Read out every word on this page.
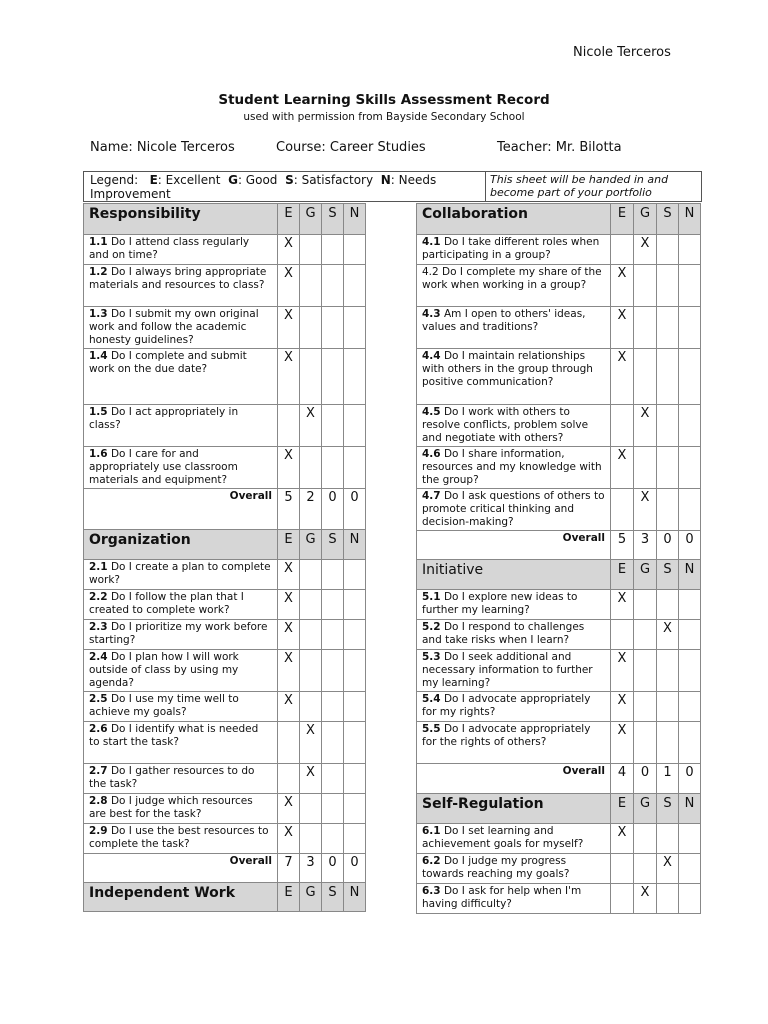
Nicole Terceros
Student Learning Skills Assessment Record
used with permission from Bayside Secondary School
Name: Nicole Terceros	Course: Career Studies	Teacher: Mr. Bilotta
Legend: E: Excellent G: Good S: Satisfactory N: Needs Improvement
This sheet will be handed in and become part of your portfolio
Responsibility	E	G	S	N
1.1 Do I attend class regularly and on time?	X			
1.2 Do I always bring appropriate materials and resources to class?	X			
1.3 Do I submit my own original work and follow the academic honesty guidelines?	X			
1.4 Do I complete and submit work on the due date?	X			
1.5 Do I act appropriately in class?		X		
1.6 Do I care for and appropriately use classroom materials and equipment?	X			
Overall	5	2	0	0
Organization	E	G	S	N
2.1 Do I create a plan to complete work?	X			
2.2 Do I follow the plan that I created to complete work?	X			
2.3 Do I prioritize my work before starting?	X			
2.4 Do I plan how I will work outside of class by using my agenda?	X			
2.5 Do I use my time well to achieve my goals?	X			
2.6 Do I identify what is needed to start the task?		X		
2.7 Do I gather resources to do the task?		X		
2.8 Do I judge which resources are best for the task?	X			
2.9 Do I use the best resources to complete the task?	X			
Overall	7	3	0	0
Independent Work	E	G	S	N
Collaboration	E	G	S	N
4.1 Do I take different roles when participating in a group?		X		
4.2 Do I complete my share of the work when working in a group?	X			
4.3 Am I open to others' ideas, values and traditions?	X			
4.4 Do I maintain relationships with others in the group through positive communication?	X			
4.5 Do I work with others to resolve conflicts, problem solve and negotiate with others?		X		
4.6 Do I share information, resources and my knowledge with the group?	X			
4.7 Do I ask questions of others to promote critical thinking and decision-making?		X		
Overall	5	3	0	0
Initiative	E	G	S	N
5.1 Do I explore new ideas to further my learning?	X			
5.2 Do I respond to challenges and take risks when I learn?			X	
5.3 Do I seek additional and necessary information to further my learning?	X			
5.4 Do I advocate appropriately for my rights?	X			
5.5 Do I advocate appropriately for the rights of others?	X			
Overall	4	0	1	0
Self-Regulation	E	G	S	N
6.1 Do I set learning and achievement goals for myself?	X			
6.2 Do I judge my progress towards reaching my goals?			X	
6.3 Do I ask for help when I'm having difficulty?		X		
